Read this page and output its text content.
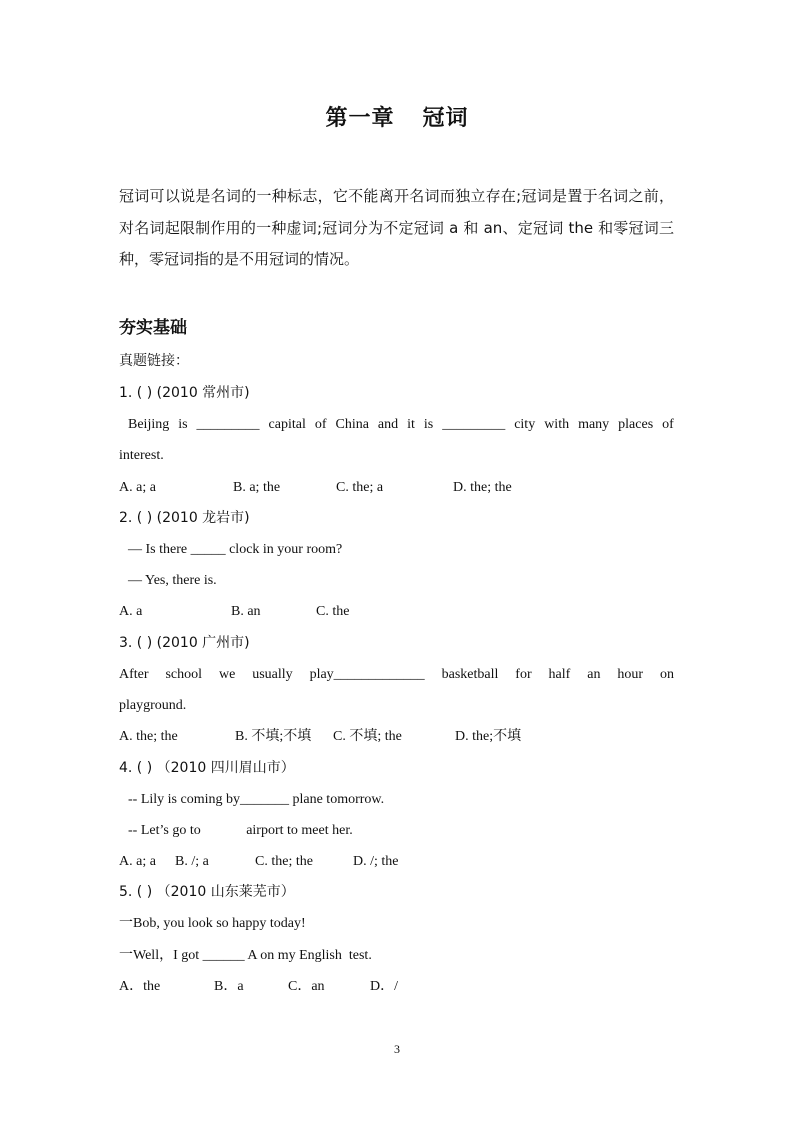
第一章 冠词
冠词可以说是名词的一种标志，它不能离开名词而独立存在;冠词是置于名词之前，对名词起限制作用的一种虚词;冠词分为不定冠词 a 和 an、定冠词 the 和零冠词三种，零冠词指的是不用冠词的情况。
夯实基础
真题链接：
1. ( ) (2010 常州市)
Beijing is _________ capital of China and it is _________ city with many places of
interest.
A. a; a	B. a; the	C. the; a	D. the; the
2. ( ) (2010 龙岩市)
— Is there _____ clock in your room?
— Yes, there is.
A. a	B. an	C. the
3. ( ) (2010 广州市)
After school we usually play_____________ basketball for half an hour on
playground.
A. the; the	B. 不填;不填	C. 不填; the	D. the;不填
4. ( ) （2010 四川眉山市）
-- Lily is coming by_______ plane tomorrow.
-- Let’s go to             airport to meet her.
A. a; a	B. /; a	C. the; the	D. /; the
5. ( ) （2010 山东莱芜市）
一Bob, you look so happy today!
一Well，I got ______ A on my English  test.
A．the	B．a	C．an	D．/
3
